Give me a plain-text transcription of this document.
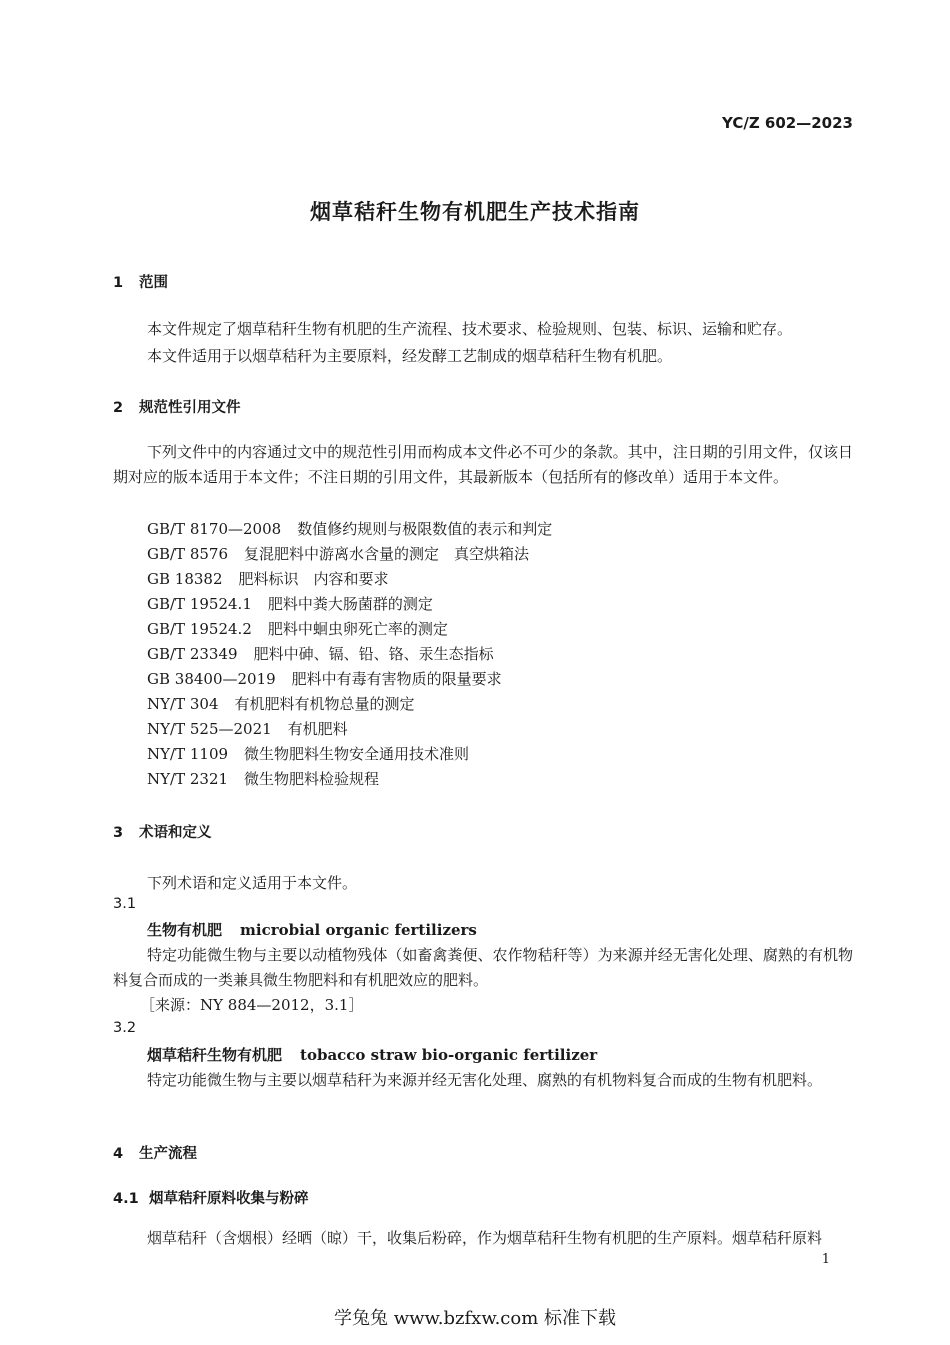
YC/Z 602—2023
烟草秸秆生物有机肥生产技术指南
1 范围
本文件规定了烟草秸秆生物有机肥的生产流程、技术要求、检验规则、包装、标识、运输和贮存。
本文件适用于以烟草秸秆为主要原料，经发酵工艺制成的烟草秸秆生物有机肥。
2 规范性引用文件
下列文件中的内容通过文中的规范性引用而构成本文件必不可少的条款。其中，注日期的引用文件，仅该日期对应的版本适用于本文件；不注日期的引用文件，其最新版本（包括所有的修改单）适用于本文件。
GB/T 8170—2008 数值修约规则与极限数值的表示和判定
GB/T 8576 复混肥料中游离水含量的测定　真空烘箱法
GB 18382 肥料标识　内容和要求
GB/T 19524.1 肥料中粪大肠菌群的测定
GB/T 19524.2 肥料中蛔虫卵死亡率的测定
GB/T 23349 肥料中砷、镉、铅、铬、汞生态指标
GB 38400—2019 肥料中有毒有害物质的限量要求
NY/T 304 有机肥料有机物总量的测定
NY/T 525—2021 有机肥料
NY/T 1109 微生物肥料生物安全通用技术准则
NY/T 2321 微生物肥料检验规程
3 术语和定义
下列术语和定义适用于本文件。
3.1
生物有机肥 microbial organic fertilizers
特定功能微生物与主要以动植物残体（如畜禽粪便、农作物秸秆等）为来源并经无害化处理、腐熟的有机物料复合而成的一类兼具微生物肥料和有机肥效应的肥料。
［来源：NY 884—2012，3.1］
3.2
烟草秸秆生物有机肥 tobacco straw bio-organic fertilizer
特定功能微生物与主要以烟草秸秆为来源并经无害化处理、腐熟的有机物料复合而成的生物有机肥料。
4 生产流程
4.1 烟草秸秆原料收集与粉碎
烟草秸秆（含烟根）经晒（晾）干，收集后粉碎，作为烟草秸秆生物有机肥的生产原料。烟草秸秆原料
1
学兔兔 www.bzfxw.com 标准下载
